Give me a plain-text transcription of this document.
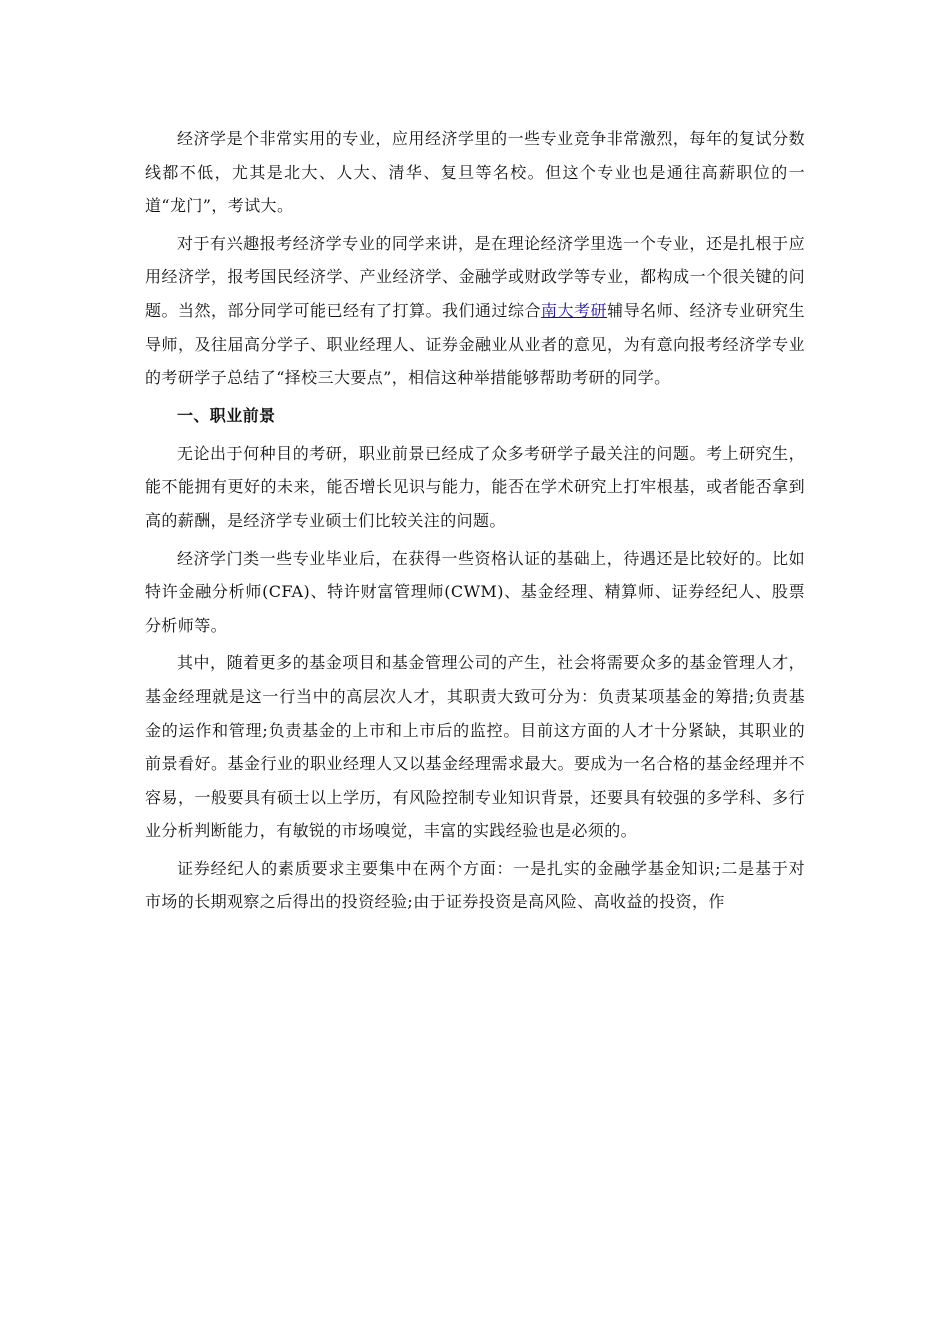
经济学是个非常实用的专业，应用经济学里的一些专业竞争非常激烈，每年的复试分数线都不低，尤其是北大、人大、清华、复旦等名校。但这个专业也是通往高薪职位的一道“龙门”，考试大。

对于有兴趣报考经济学专业的同学来讲，是在理论经济学里选一个专业，还是扎根于应用经济学，报考国民经济学、产业经济学、金融学或财政学等专业，都构成一个很关键的问题。当然，部分同学可能已经有了打算。我们通过综合南大考研辅导名师、经济专业研究生导师，及往届高分学子、职业经理人、证券金融业从业者的意见，为有意向报考经济学专业的考研学子总结了“择校三大要点”，相信这种举措能够帮助考研的同学。

一、职业前景

无论出于何种目的考研，职业前景已经成了众多考研学子最关注的问题。考上研究生，能不能拥有更好的未来，能否增长见识与能力，能否在学术研究上打牢根基，或者能否拿到高的薪酬，是经济学专业硕士们比较关注的问题。

经济学门类一些专业毕业后，在获得一些资格认证的基础上，待遇还是比较好的。比如特许金融分析师(CFA)、特许财富管理师(CWM)、基金经理、精算师、证券经纪人、股票分析师等。

其中，随着更多的基金项目和基金管理公司的产生，社会将需要众多的基金管理人才，基金经理就是这一行当中的高层次人才，其职责大致可分为：负责某项基金的筹措;负责基金的运作和管理;负责基金的上市和上市后的监控。目前这方面的人才十分紧缺，其职业的前景看好。基金行业的职业经理人又以基金经理需求最大。要成为一名合格的基金经理并不容易，一般要具有硕士以上学历，有风险控制专业知识背景，还要具有较强的多学科、多行业分析判断能力，有敏锐的市场嗅觉，丰富的实践经验也是必须的。

证券经纪人的素质要求主要集中在两个方面：一是扎实的金融学基金知识;二是基于对市场的长期观察之后得出的投资经验;由于证券投资是高风险、高收益的投资，作
